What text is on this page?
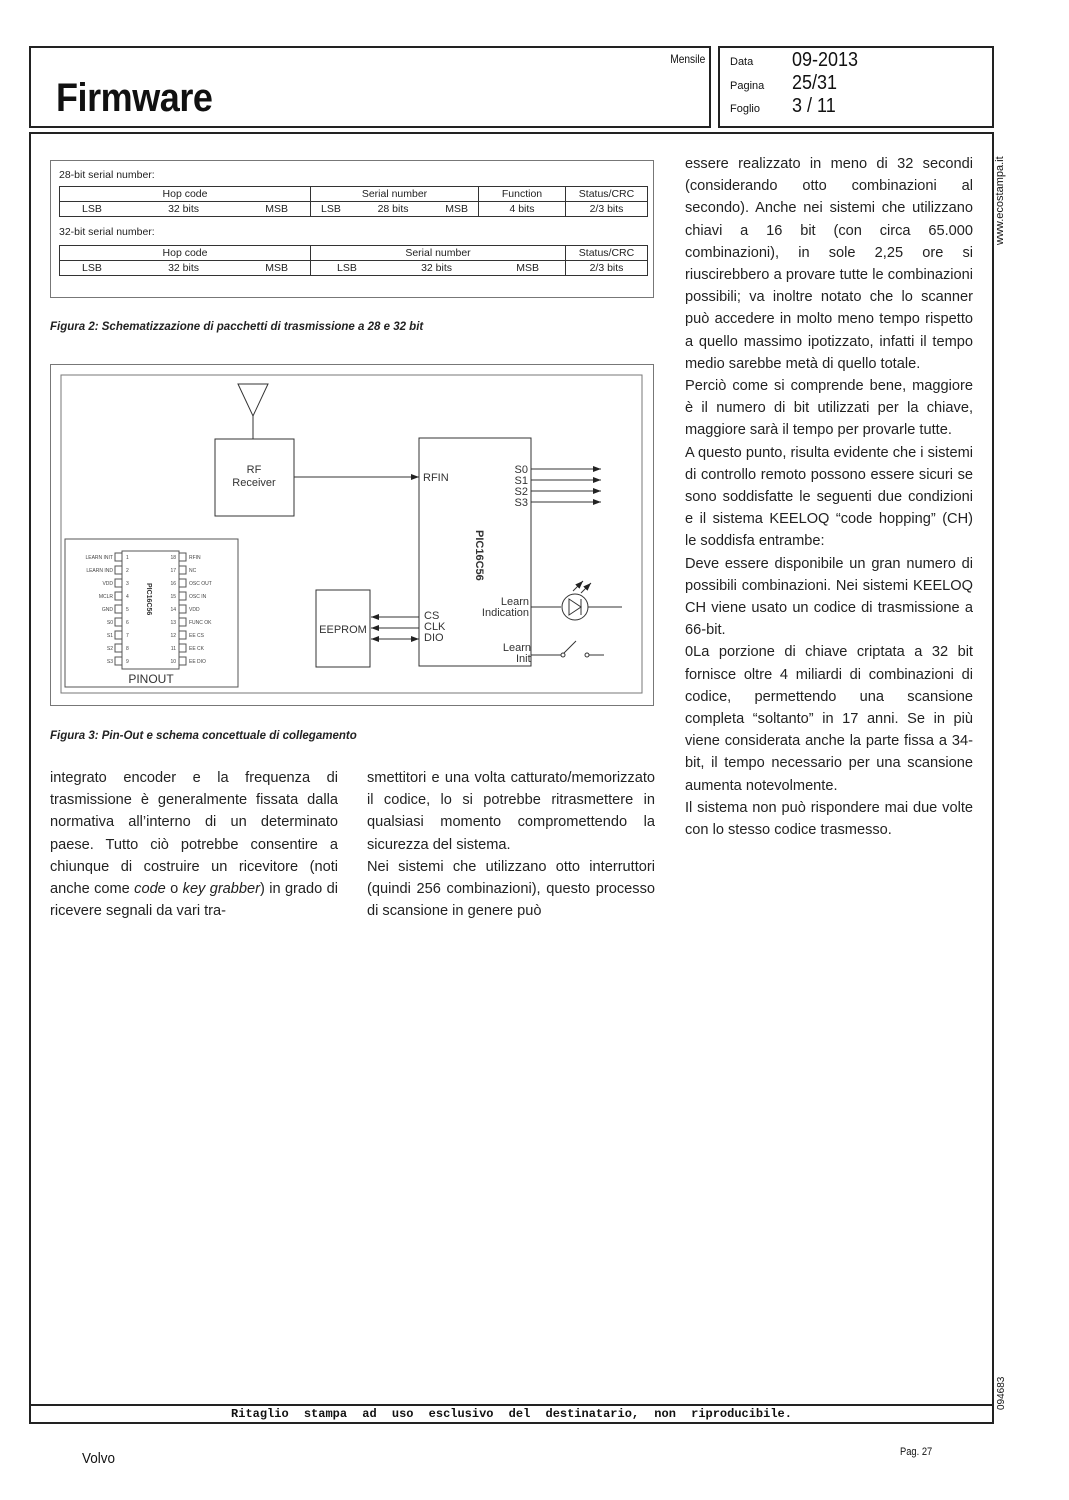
Mensile
Firmware
Data 09-2013
Pagina 25/31
Foglio 3 / 11
Ritaglio stampa ad uso esclusivo del destinatario, non riproducibile.
www.ecostampa.it
094683
28-bit serial number:
Hop code	Serial number	Function	Status/CRC

LSB 32 bits MSB	LSB 28 bits MSB	4 bits	2/3 bits
32-bit serial number:
Hop code	Serial number	Status/CRC

LSB 32 bits MSB	LSB 32 bits MSB	2/3 bits
Figura 2: Schematizzazione di pacchetti di trasmissione a 28 e 32 bit
RF
Receiver	RFIN
PIC16C56
S0
S1
S2
S3
Learn
Indication
Learn
Init
EEPROM
CS
CLK
DIO
PIC16C56
LEARN INIT	1
LEARN IND	2
VDD	3
MCLR	4
GND	5
S0	6
S1	7
S2	8
S3	9
RFIN
18
NC
17
OSC OUT
16
OSC IN
15
VDD
14
FUNC OK
13
EE CS
12
EE CK
11
EE DIO
10
PINOUT
Figura 3: Pin-Out e schema concettuale di collegamento

integrato encoder e la frequenza di trasmissione è generalmente fissata dalla normativa all’interno di un determinato paese. Tutto ciò potrebbe consentire a chiunque di costruire un ricevitore (noti anche come code o key grabber) in grado di ricevere segnali da vari tra-

smettitori e una volta catturato/memorizzato il codice, lo si potrebbe ritrasmettere in qualsiasi momento compromettendo la sicurezza del sistema.

Nei sistemi che utilizzano otto interruttori (quindi 256 combinazioni), questo processo di scansione in genere può

essere realizzato in meno di 32 secondi (considerando otto combinazioni al secondo). Anche nei sistemi che utilizzano chiavi a 16 bit (con circa 65.000 combinazioni), in sole 2,25 ore si riuscirebbero a provare tutte le combinazioni possibili; va inoltre notato che lo scanner può accedere in molto meno tempo rispetto a quello massimo ipotizzato, infatti il tempo medio sarebbe metà di quello totale.

Perciò come si comprende bene, maggiore è il numero di bit utilizzati per la chiave, maggiore sarà il tempo per provarle tutte.

A questo punto, risulta evidente che i sistemi di controllo remoto possono essere sicuri se sono soddisfatte le seguenti due condizioni e il sistema KEELOQ “code hopping” (CH) le soddisfa entrambe:

Deve essere disponibile un gran numero di possibili combinazioni. Nei sistemi KEELOQ CH viene usato un codice di trasmissione a 66-bit.

0La porzione di chiave criptata a 32 bit fornisce oltre 4 miliardi di combinazioni di codice, permettendo una scansione completa “soltanto” in 17 anni. Se in più viene considerata anche la parte fissa a 34-bit, il tempo necessario per una scansione aumenta notevolmente.

Il sistema non può rispondere mai due volte con lo stesso codice trasmesso.

Volvo	Pag. 27
